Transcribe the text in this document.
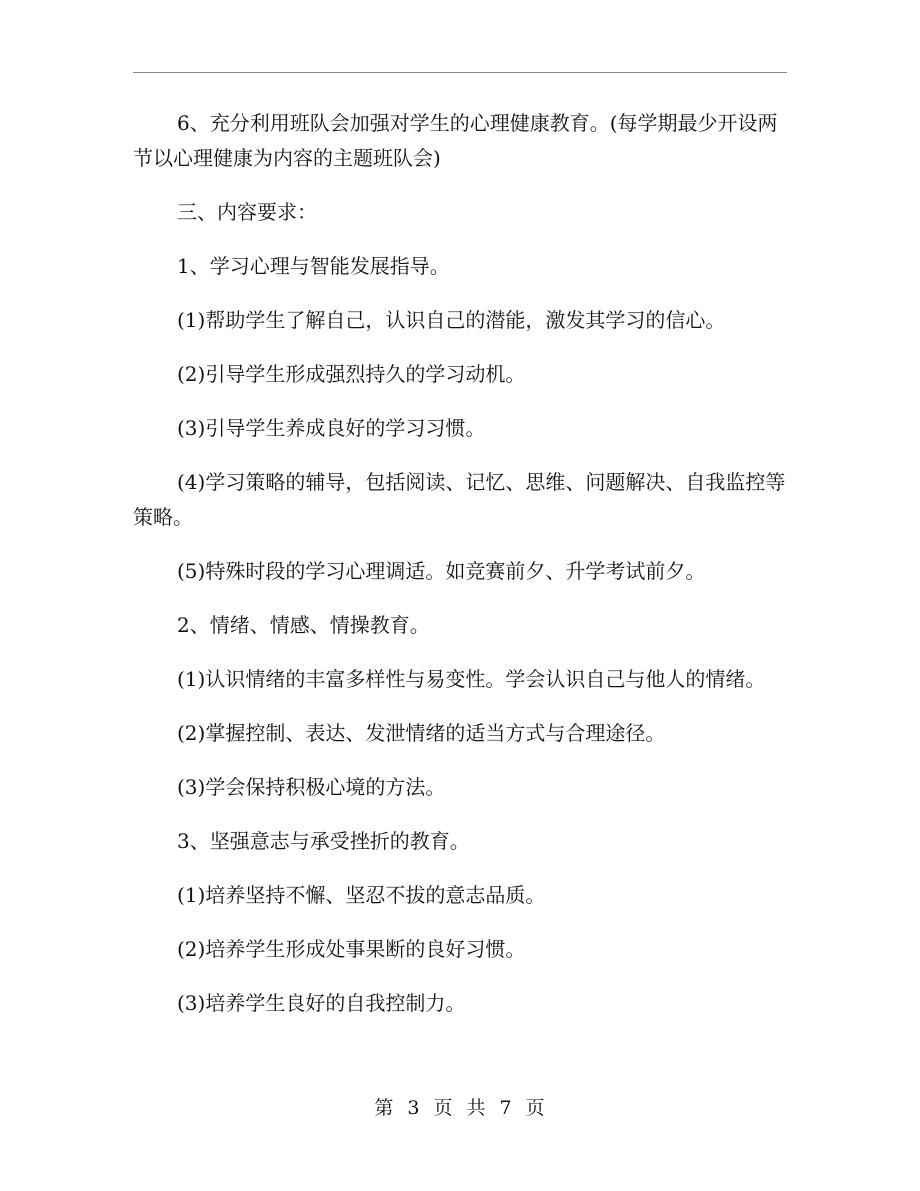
6、充分利用班队会加强对学生的心理健康教育。(每学期最少开设两节以心理健康为内容的主题班队会)

三、内容要求：

1、学习心理与智能发展指导。

(1)帮助学生了解自己，认识自己的潜能，激发其学习的信心。

(2)引导学生形成强烈持久的学习动机。

(3)引导学生养成良好的学习习惯。

(4)学习策略的辅导，包括阅读、记忆、思维、问题解决、自我监控等策略。

(5)特殊时段的学习心理调适。如竞赛前夕、升学考试前夕。

2、情绪、情感、情操教育。

(1)认识情绪的丰富多样性与易变性。学会认识自己与他人的情绪。

(2)掌握控制、表达、发泄情绪的适当方式与合理途径。

(3)学会保持积极心境的方法。

3、坚强意志与承受挫折的教育。

(1)培养坚持不懈、坚忍不拔的意志品质。

(2)培养学生形成处事果断的良好习惯。

(3)培养学生良好的自我控制力。

第 3 页 共 7 页
